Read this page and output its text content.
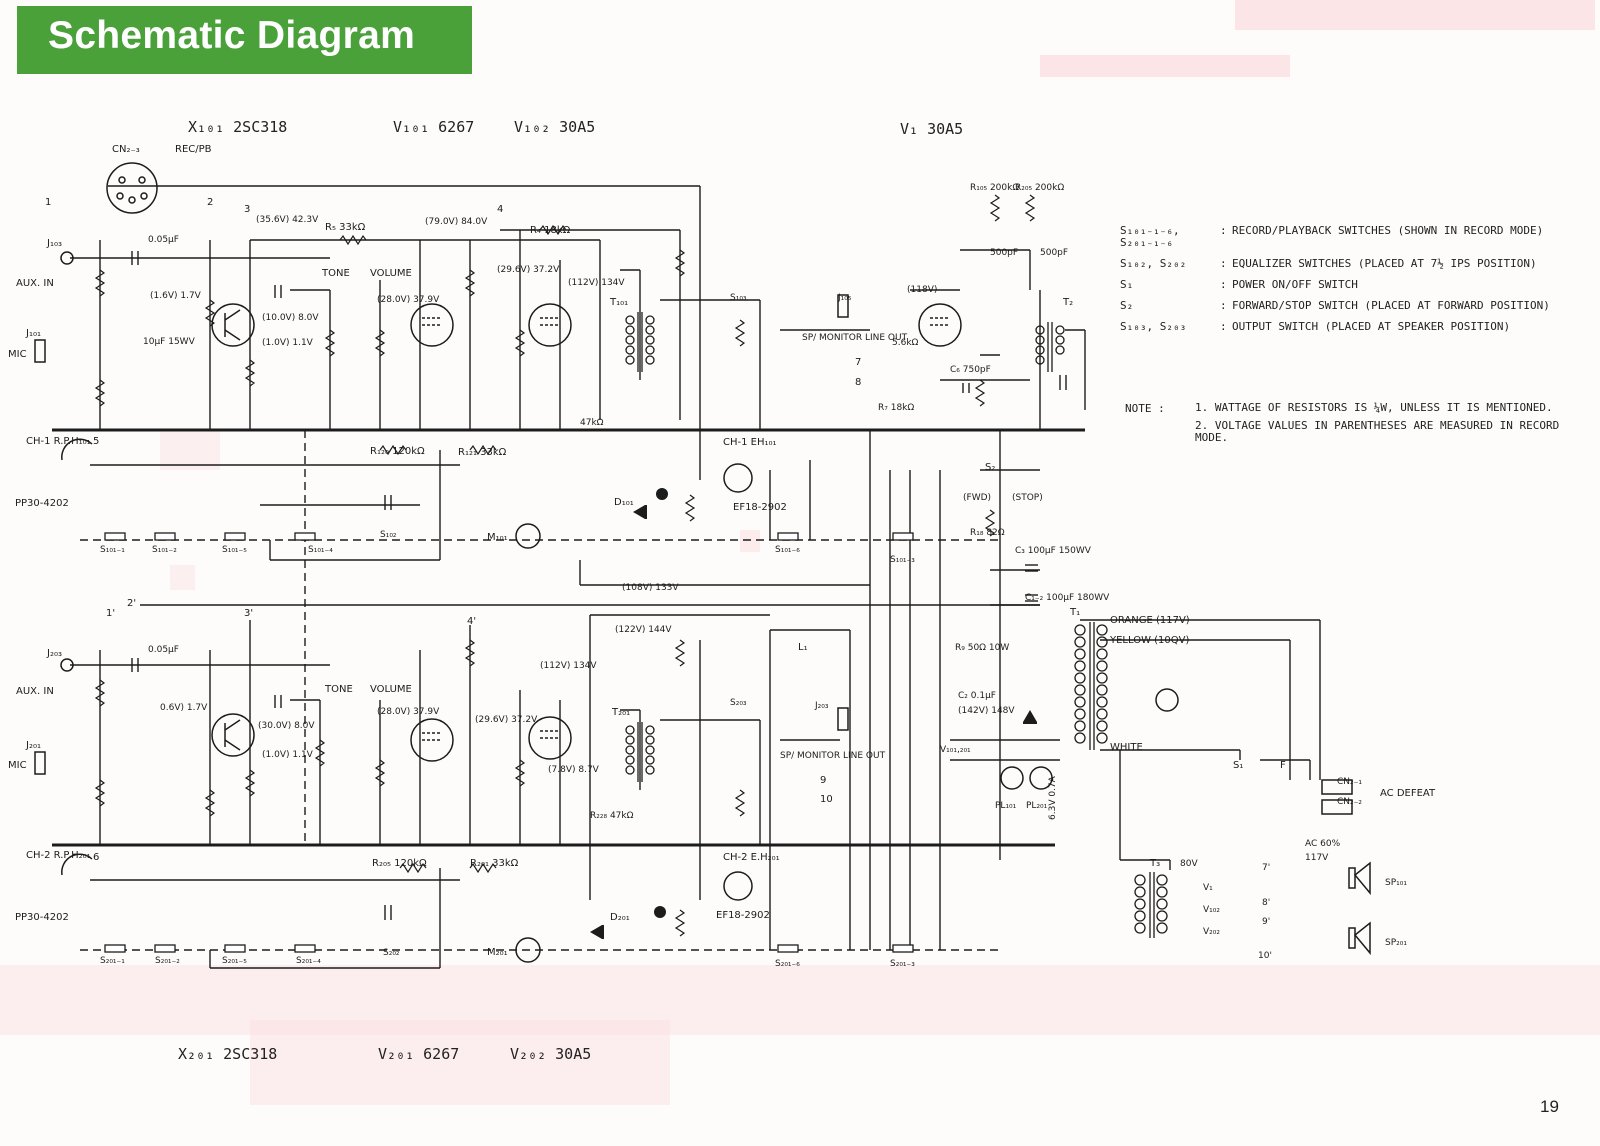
Schematic Diagram
X₁₀₁ 2SC318	V₁₀₁ 6267	V₁₀₂ 30A5	V₁ 30A5
X₂₀₁ 2SC318	V₂₀₁ 6267	V₂₀₂ 30A5
CN₂₋₃	REC/PB
J₁₀₃
AUX. IN
J₁₀₁
MIC
CH-1 R.P.H₁₀₁
PP30-4202
(35.6V) 42.3V	(79.0V) 84.0V
(28.0V) 37.9V
(29.6V) 37.2V
(112V) 134V
(1.6V) 1.7V
(10.0V) 8.0V
(1.0V) 1.1V
R₅ 33kΩ	R₄ 18kΩ
R₁₂₀ 120kΩ	R₁₂₁ 33kΩ
0.05μF
10μF 15WV
47kΩ
TONE VOLUME
SP/ MONITOR LINE OUT
J₁₀₅
M₁₀₁
D₁₀₁
T₁₀₁
CH-1 EH₁₀₁
EF18-2902
3	4
5
1	2
7
8
S₁₀₁₋₁	S₁₀₁₋₂	S₁₀₁₋₅	S₁₀₁₋₄	S₁₀₁₋₆
S₁₀₁₋₃
S₁₀₂
S₁₀₃
J₂₀₃
AUX. IN
J₂₀₁
MIC
CH-2 R.P.H₂₀₁
PP30-4202
(30.0V) 8.0V
(1.0V) 1.1V
(28.0V) 37.9V
(29.6V) 37.2V
(112V) 134V
0.6V) 1.7V
(122V) 144V
(7.8V) 8.7V
R₂₀₅ 120kΩ	R₂₀₁ 33kΩ
0.05μF
R₂₂₈ 47kΩ
TONE VOLUME
SP/ MONITOR LINE OUT
J₂₀₃
M₂₀₁
D₂₀₁
T₂₀₁
CH-2 E.H₂₀₁
EF18-2902
1'
2'
3'
4'
6
9
10
S₂₀₁₋₁	S₂₀₁₋₂	S₂₀₁₋₅	S₂₀₁₋₄	S₂₀₁₋₆	S₂₀₁₋₃
S₂₀₂
S₂₀₃
(108V) 133V
(118V)
(142V) 148V
T₁
ORANGE (117V)
YELLOW (10QV)
WHITE
AC DEFEAT
CN₂₋₁
CN₂₋₂
AC 60%
117V
S₁	F
PL₁₀₁ PL₂₀₁
V₁₀₁,₂₀₁
(FWD) (STOP)
S₂
R₁₈ 82Ω
C₃ 100μF 150WV
C₁₋₂ 100μF 180WV
C₂ 0.1μF
R₉ 50Ω 10W
T₃ 80V
V₁
V₁₀₂
V₂₀₂
L₁
T₂
C₆ 750pF
R₇ 18kΩ
5.6kΩ
R₁₀₅ 200kΩ
R₂₀₅ 200kΩ
500pF 500pF
SP₁₀₁
SP₂₀₁
7'
8'
9'
10'
6.3V 0.7A
S₁₀₁₋₁₋₆, S₂₀₁₋₁₋₆
: RECORD/PLAYBACK SWITCHES (SHOWN IN RECORD MODE)
S₁₀₂, S₂₀₂	: EQUALIZER SWITCHES (PLACED AT 7½ IPS POSITION)
S₁	: POWER ON/OFF SWITCH
S₂	: FORWARD/STOP SWITCH (PLACED AT FORWARD POSITION)
S₁₀₃, S₂₀₃	: OUTPUT SWITCH (PLACED AT SPEAKER POSITION)
NOTE :	1. WATTAGE OF RESISTORS IS ¼W, UNLESS IT IS MENTIONED.
2. VOLTAGE VALUES IN PARENTHESES ARE MEASURED IN RECORD MODE.
19
